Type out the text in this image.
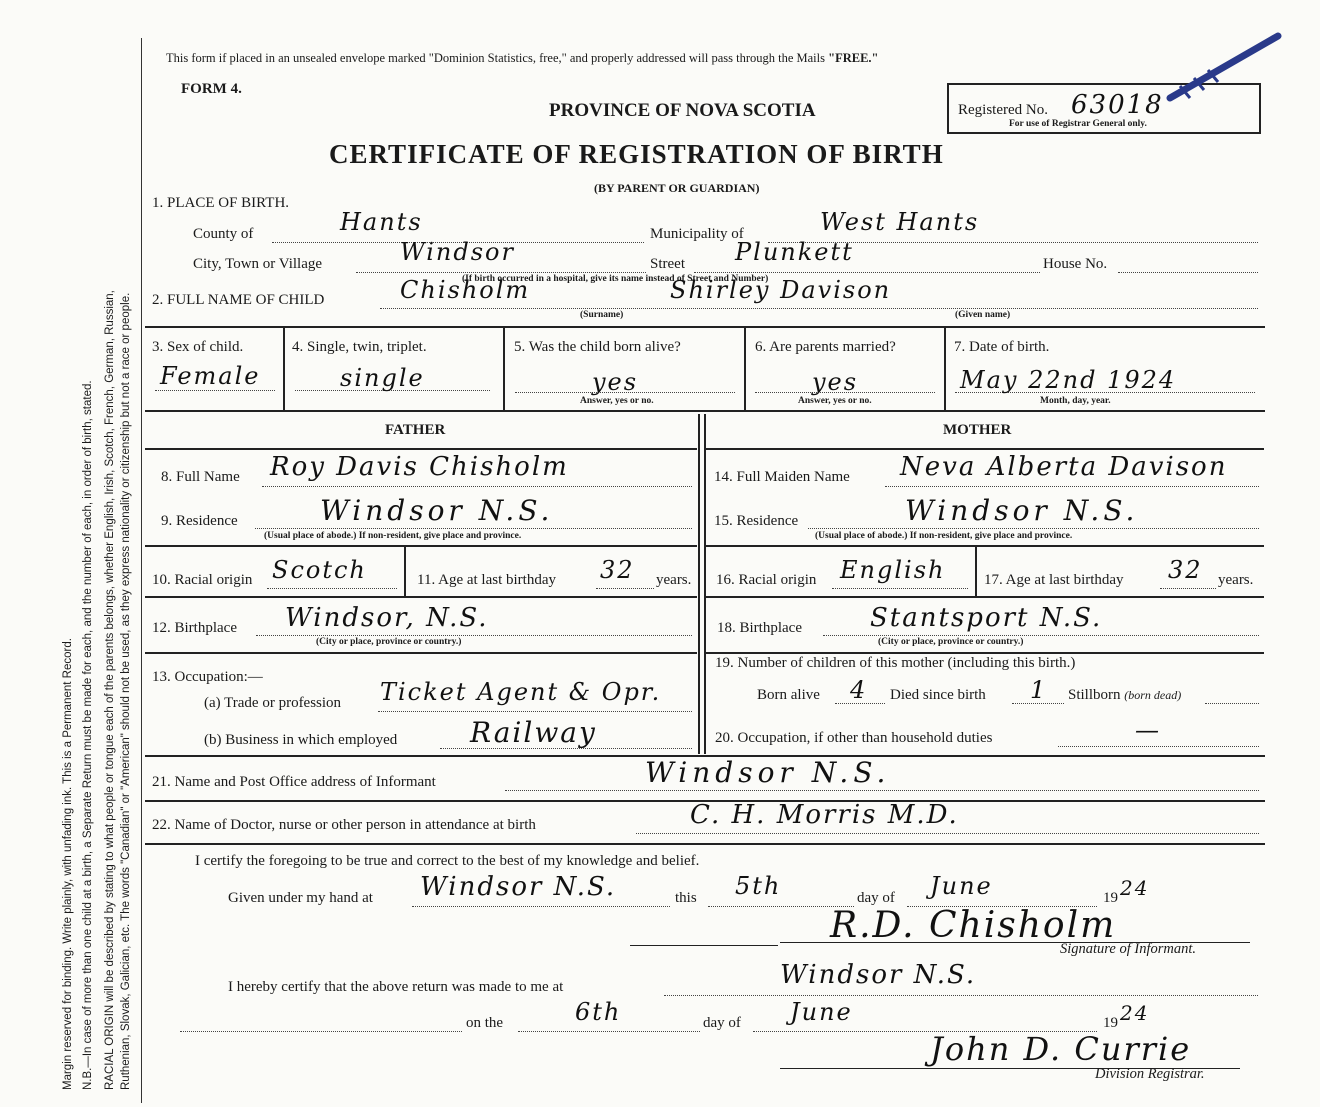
Margin reserved for binding. Write plainly, with unfading ink. This is a Permanent Record. N.B.—In case of more than one child at a birth, a Separate Return must be made for each, and the number of each, in order of birth, stated. RACIAL ORIGIN will be described by stating to what people or tongue each of the parents belongs, whether English, Irish, Scotch, French, German, Russian, Ruthenian, Slovak, Galician, etc. The words "Canadian" or "American" should not be used, as they express nationality or citizenship but not a race or people.
This form if placed in an unsealed envelope marked "Dominion Statistics, free," and properly addressed will pass through the Mails "FREE."
FORM 4.
PROVINCE OF NOVA SCOTIA
CERTIFICATE OF REGISTRATION OF BIRTH
(BY PARENT OR GUARDIAN)
Registered No. 63018
For use of Registrar General only.
1. PLACE OF BIRTH.
County of	Hants	Municipality of	West Hants
City, Town or Village	Windsor	Street Plunkett	House No.
(If birth occurred in a hospital, give its name instead of Street and Number)
2. FULL NAME OF CHILD	Chisholm	Shirley Davison
(Surname)	(Given name)
3. Sex of child.
Female
4. Single, twin, triplet.
single
5. Was the child born alive?
yes
Answer, yes or no.
6. Are parents married?
yes
Answer, yes or no.
7. Date of birth.
May 22nd 1924
Month, day, year.
FATHER	MOTHER
8. Full Name Roy Davis Chisholm
9. Residence	Windsor N.S.
(Usual place of abode.) If non-resident, give place and province.
10. Racial origin Scotch	11. Age at last birthday 32 years.
12. Birthplace Windsor, N.S.
(City or place, province or country.)
13. Occupation:—
(a) Trade or profession Ticket Agent & Opr.
(b) Business in which employed	Railway
14. Full Maiden Name Neva Alberta Davison
15. Residence	Windsor N.S.
(Usual place of abode.) If non-resident, give place and province.
16. Racial origin English	17. Age at last birthday 32 years.
18. Birthplace	Stantsport N.S.
(City or place, province or country.)
19. Number of children of this mother (including this birth.)
Born alive 4 Died since birth 1 Stillborn (born dead)
20. Occupation, if other than household duties	—
21. Name and Post Office address of Informant	Windsor N.S.
22. Name of Doctor, nurse or other person in attendance at birth	C. H. Morris M.D.
I certify the foregoing to be true and correct to the best of my knowledge and belief.
Given under my hand at Windsor N.S.	this 5th	day of June	19 24
R.D. Chisholm
Signature of Informant.
I hereby certify that the above return was made to me at	Windsor N.S.
on the	6th	day of June	19 24
John D. Currie
Division Registrar.
